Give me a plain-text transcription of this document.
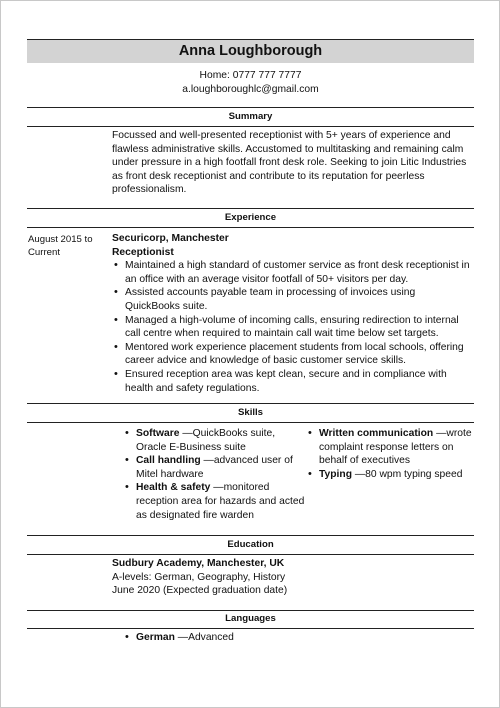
Anna Loughborough
Home: 0777 777 7777
a.loughboroughlc@gmail.com
Summary
Focussed and well-presented receptionist with 5+ years of experience and flawless administrative skills. Accustomed to multitasking and remaining calm under pressure in a high footfall front desk role. Seeking to join Litic Industries as front desk receptionist and contribute to its reputation for peerless professionalism.
Experience
August 2015 to
Current
Securicorp, Manchester
Receptionist
• Maintained a high standard of customer service as front desk receptionist in an office with an average visitor footfall of 50+ visitors per day.
• Assisted accounts payable team in processing of invoices using QuickBooks suite.
• Managed a high-volume of incoming calls, ensuring redirection to internal call centre when required to maintain call wait time below set targets.
• Mentored work experience placement students from local schools, offering career advice and knowledge of basic customer service skills.
• Ensured reception area was kept clean, secure and in compliance with health and safety regulations.
Skills
• Software —QuickBooks suite, Oracle E-Business suite
• Call handling —advanced user of Mitel hardware
• Health & safety —monitored reception area for hazards and acted as designated fire warden
• Written communication —wrote complaint response letters on behalf of executives
• Typing —80 wpm typing speed
Education
Sudbury Academy, Manchester, UK
A-levels: German, Geography, History
June 2020 (Expected graduation date)
Languages
• German —Advanced
